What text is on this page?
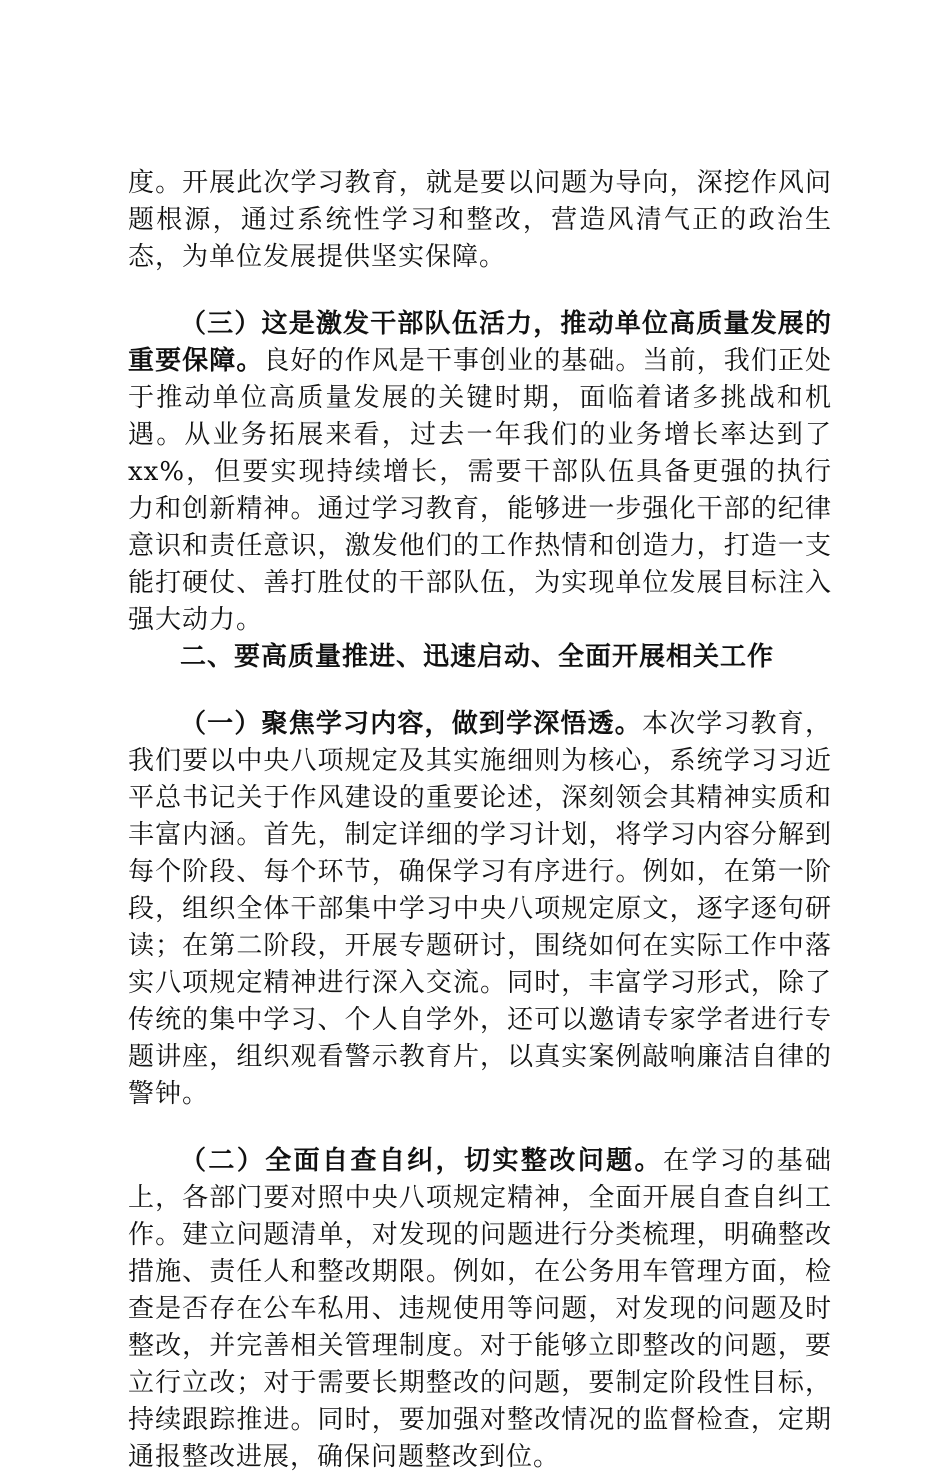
度。开展此次学习教育，就是要以问题为导向，深挖作风问题根源，通过系统性学习和整改，营造风清气正的政治生态，为单位发展提供坚实保障。

（三）这是激发干部队伍活力，推动单位高质量发展的重要保障。良好的作风是干事创业的基础。当前，我们正处于推动单位高质量发展的关键时期，面临着诸多挑战和机遇。从业务拓展来看，过去一年我们的业务增长率达到了xx%，但要实现持续增长，需要干部队伍具备更强的执行力和创新精神。通过学习教育，能够进一步强化干部的纪律意识和责任意识，激发他们的工作热情和创造力，打造一支能打硬仗、善打胜仗的干部队伍，为实现单位发展目标注入强大动力。

二、要高质量推进、迅速启动、全面开展相关工作

（一）聚焦学习内容，做到学深悟透。本次学习教育，我们要以中央八项规定及其实施细则为核心，系统学习习近平总书记关于作风建设的重要论述，深刻领会其精神实质和丰富内涵。首先，制定详细的学习计划，将学习内容分解到每个阶段、每个环节，确保学习有序进行。例如，在第一阶段，组织全体干部集中学习中央八项规定原文，逐字逐句研读；在第二阶段，开展专题研讨，围绕如何在实际工作中落实八项规定精神进行深入交流。同时，丰富学习形式，除了传统的集中学习、个人自学外，还可以邀请专家学者进行专题讲座，组织观看警示教育片，以真实案例敲响廉洁自律的警钟。

（二）全面自查自纠，切实整改问题。在学习的基础上，各部门要对照中央八项规定精神，全面开展自查自纠工作。建立问题清单，对发现的问题进行分类梳理，明确整改措施、责任人和整改期限。例如，在公务用车管理方面，检查是否存在公车私用、违规使用等问题，对发现的问题及时整改，并完善相关管理制度。对于能够立即整改的问题，要立行立改；对于需要长期整改的问题，要制定阶段性目标，持续跟踪推进。同时，要加强对整改情况的监督检查，定期通报整改进展，确保问题整改到位。
